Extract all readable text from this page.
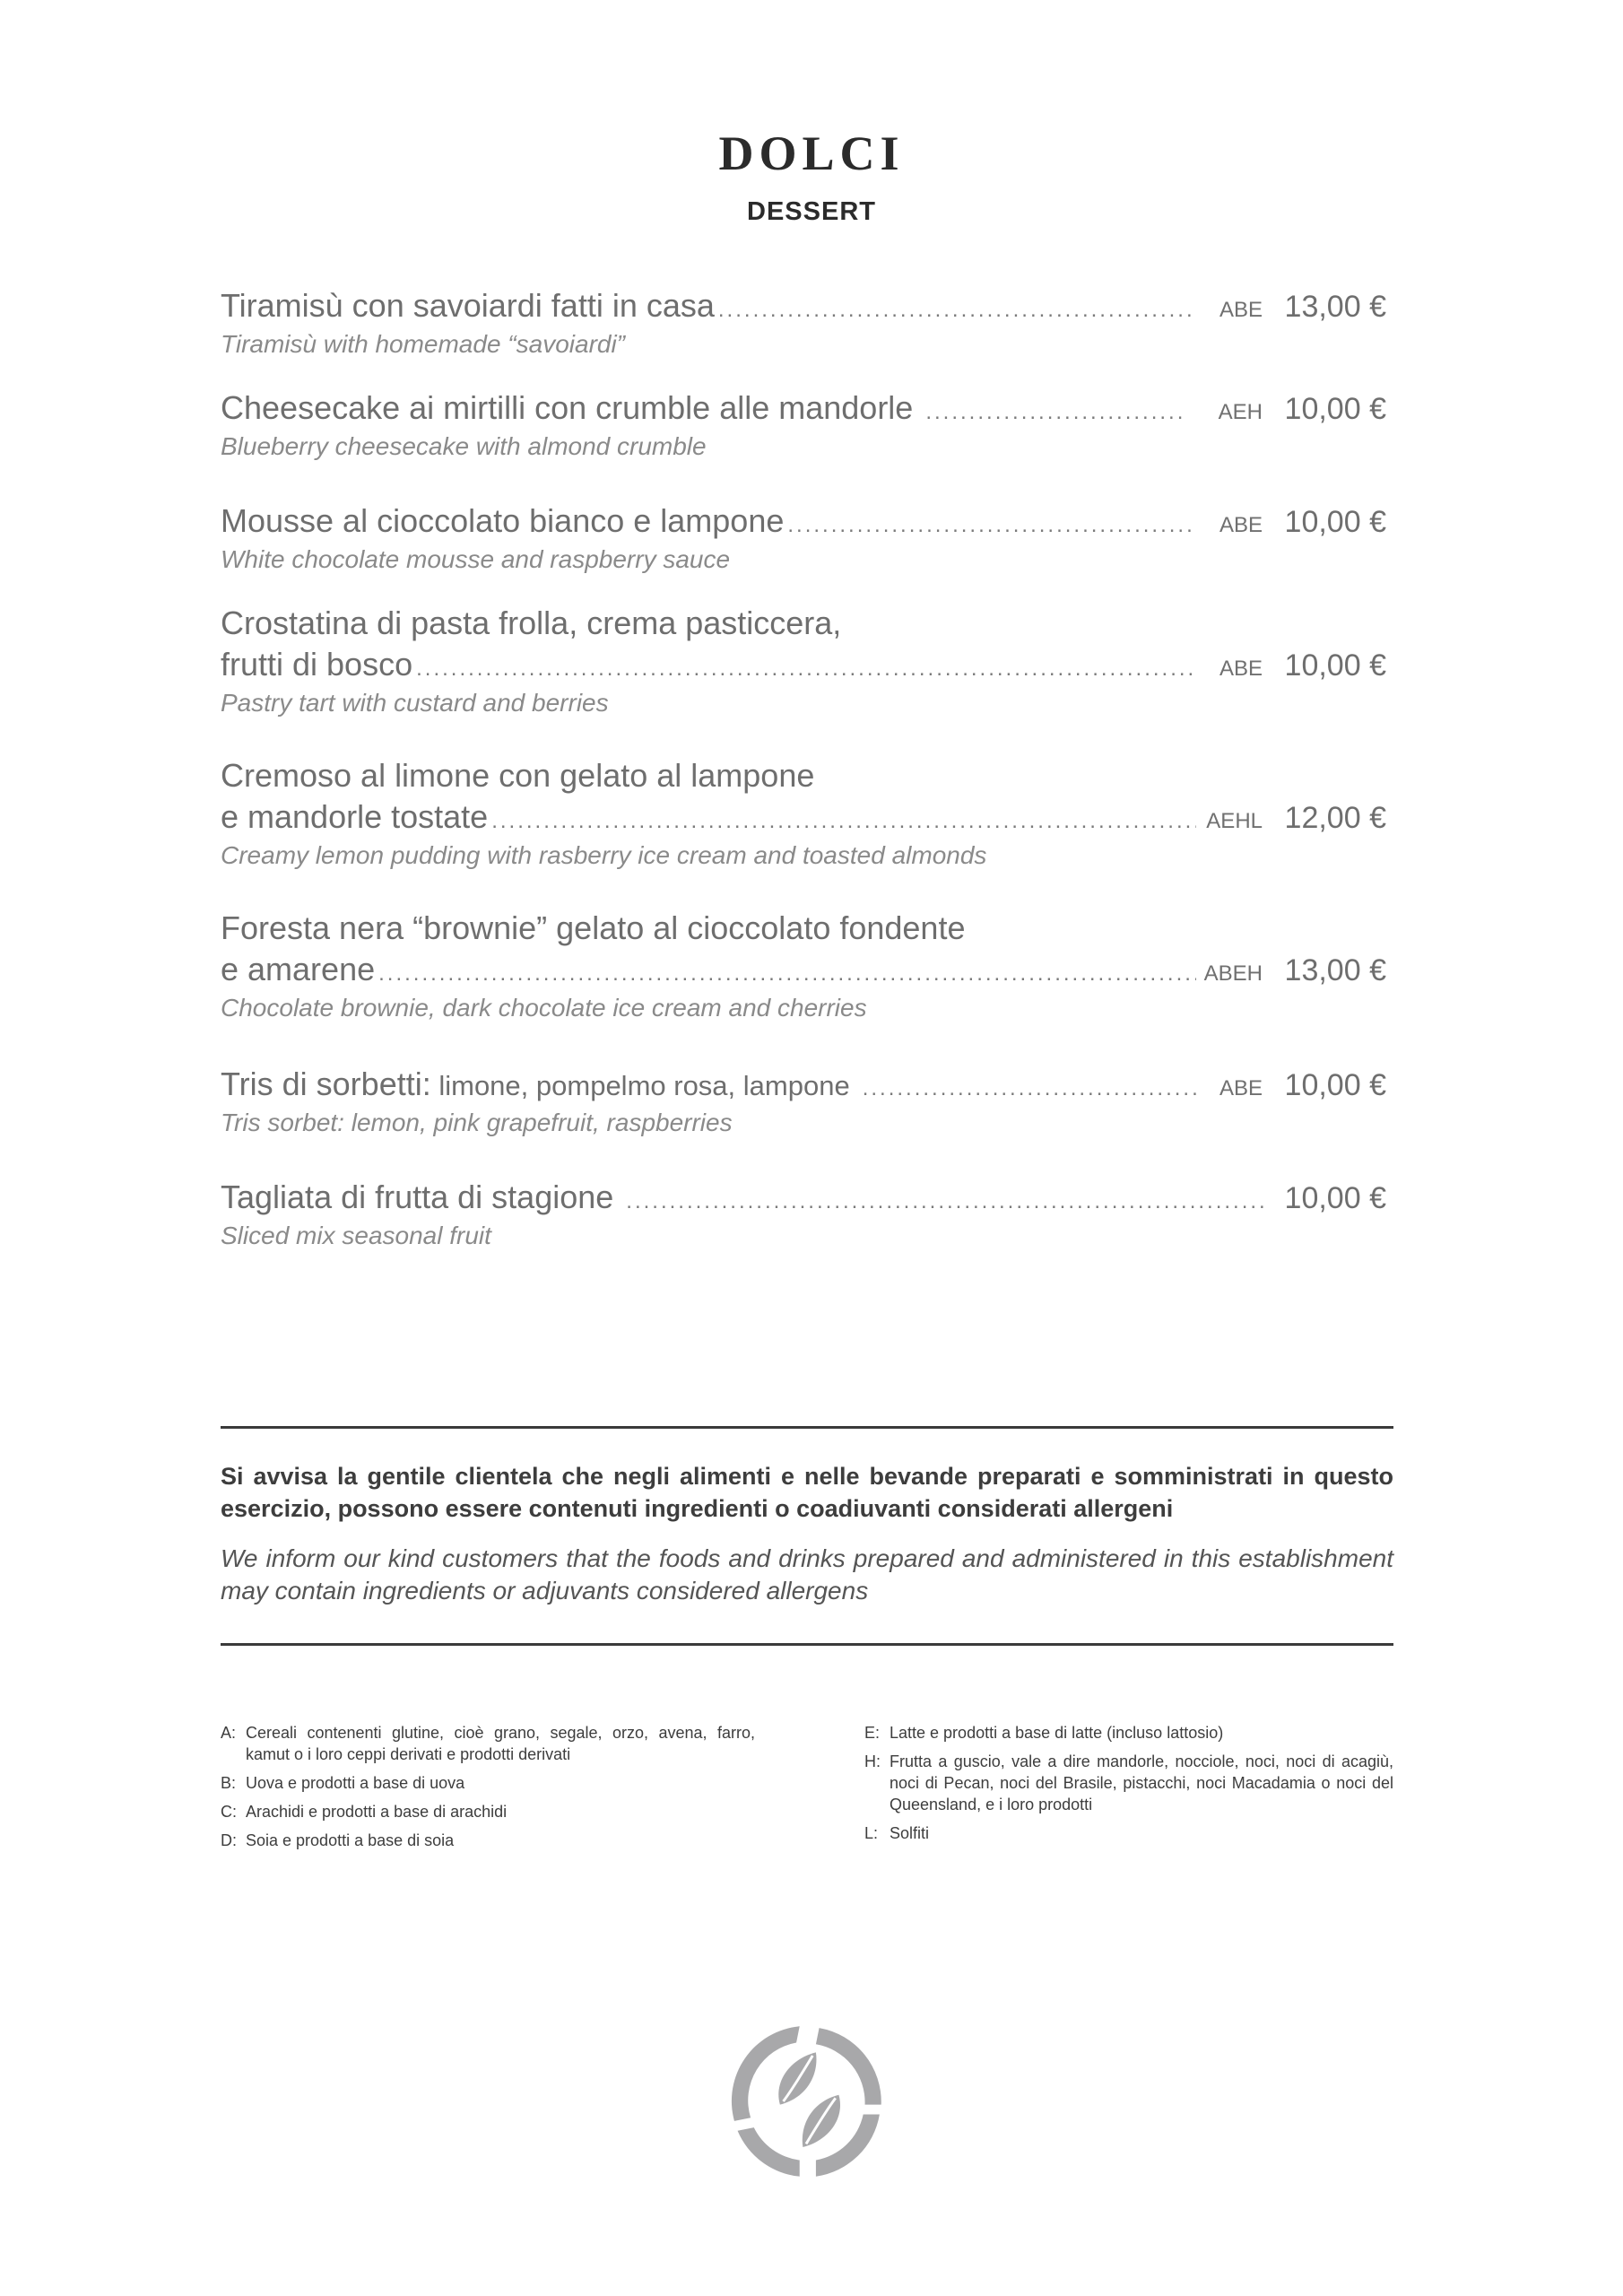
DOLCI
DESSERT
Tiramisù con savoiardi fatti in casa .....	ABE 13,00 €
Tiramisù with homemade “savoiardi”
Cheesecake ai mirtilli con crumble alle mandorle .....	AEH 10,00 €
Blueberry cheesecake with almond crumble
Mousse al cioccolato bianco e lampone .....	ABE 10,00 €
White chocolate mousse and raspberry sauce
Crostatina di pasta frolla, crema pasticcera,
frutti di bosco .....	ABE 10,00 €
Pastry tart with custard and berries
Cremoso al limone con gelato al lampone
e mandorle tostate .....	AEHL 12,00 €
Creamy lemon pudding with rasberry ice cream and toasted almonds
Foresta nera “brownie” gelato al cioccolato fondente
e amarene .....	ABEH 13,00 €
Chocolate brownie, dark chocolate ice cream and cherries
Tris di sorbetti: limone, pompelmo rosa, lampone .....	ABE 10,00 €
Tris sorbet: lemon, pink grapefruit, raspberries
Tagliata di frutta di stagione .....	10,00 €
Sliced mix seasonal fruit
Si avvisa la gentile clientela che negli alimenti e nelle bevande preparati e somministrati in questo esercizio, possono essere contenuti ingredienti o coadiuvanti considerati allergeni
We inform our kind customers that the foods and drinks prepared and administered in this establishment may contain ingredients or adjuvants considered allergens
A: Cereali contenenti glutine, cioè grano, segale, orzo, avena, farro, kamut o i loro ceppi derivati e prodotti derivati
B: Uova e prodotti a base di uova
C: Arachidi e prodotti a base di arachidi
D: Soia e prodotti a base di soia
E: Latte e prodotti a base di latte (incluso lattosio)
H: Frutta a guscio, vale a dire mandorle, nocciole, noci, noci di acagiù, noci di Pecan, noci del Brasile, pistacchi, noci Macadamia o noci del Queensland, e i loro prodotti
L: Solfiti
